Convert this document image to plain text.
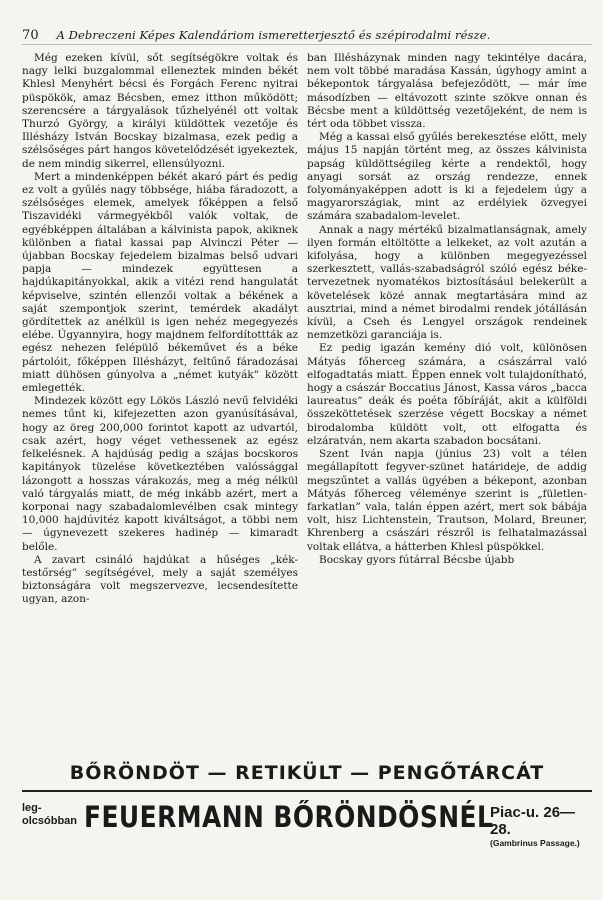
70 A Debreczeni Képes Kalendáriom ismeretterjesztő és szépirodalmi része.

Még ezeken kívül, sőt segítségökre voltak és nagy lelki buzgalommal elleneztek minden békét Khlesl Menyhért bécsi és Forgách Ferenc nyitrai püspökök, amaz Bécsben, emez itthon működött; szerencsére a tárgyalások tűzhelyénél ott voltak Thurzó György, a királyi küldöttek vezetője és Illésházy István Bocskay bizalmasa, ezek pedig a szélsőséges párt hangos követelődzését igyekeztek, de nem mindig sikerrel, ellensúlyozni.

Mert a mindenképpen békét akaró párt és pedig ez volt a gyűlés nagy többsége, hiába fáradozott, a szélsőséges elemek, amelyek főképpen a felső Tiszavidéki vármegyékből valók voltak, de egyébképpen általában a kálvinista papok, akiknek különben a fiatal kassai pap Alvinczi Péter — újabban Bocskay fejedelem bizalmas belső udvari papja — mindezek együttesen a hajdúkapitányokkal, akik a vitézi rend hangulatát képviselve, szintén ellenzői voltak a békének a saját szempontjok szerint, temérdek akadályt gördítettek az anélkül is igen nehéz megegyezés elébe. Úgyannyira, hogy majdnem felfordítottták az egész nehezen felépülő békeművet és a béke pártolóit, főképpen Illésházyt, feltűnő fáradozásai miatt dühösen gúnyolva a „német kutyák” között emlegették.

Mindezek között egy Lökös László nevű felvidéki nemes tűnt ki, kifejezetten azon gyanúsításával, hogy az öreg 200,000 forintot kapott az udvartól, csak azért, hogy véget vethessenek az egész felkelésnek. A hajdúság pedig a szájas bocskoros kapitányok tüzelése következtében valóssággal lázongott a hosszas várakozás, meg a még nélkül való tárgyalás miatt, de még inkább azért, mert a korponai nagy szabadalomlevélben csak mintegy 10,000 hajdúvitéz kapott kiváltságot, a többi nem — úgynevezett szekeres hadinép — kimaradt belőle.

A zavart csináló hajdúkat a hűséges „kék-testőrség” segítségével, mely a saját személyes biztonságára volt megszervezve, lecsendesítette ugyan, azon-

ban Illésházynak minden nagy tekintélye dacára, nem volt többé maradása Kassán, úgyhogy amint a békepontok tárgyalása befejeződött, — már íme másodízben — eltávozott szinte szökve onnan és Bécsbe ment a küldöttség vezetőjeként, de nem is tért oda többet vissza.

Még a kassai első gyűlés berekesztése előtt, mely május 15 napján történt meg, az összes kálvinista papság küldöttségileg kérte a rendektől, hogy anyagi sorsát az ország rendezze, ennek folyományaképpen adott is ki a fejedelem úgy a magyarországiak, mint az erdélyiek özvegyei számára szabadalom-levelet.

Annak a nagy mértékű bizalmatlanságnak, amely ilyen formán eltöltötte a lelkeket, az volt azután a kifolyása, hogy a különben megegyezéssel szerkesztett, vallás-szabadságról szóló egész béke-tervezetnek nyomatékos biztosításául belekerült a követelések közé annak megtartására mind az ausztriai, mind a német birodalmi rendek jótállásán kívül, a Cseh és Lengyel országok rendeinek nemzetközi garanciája is.

Ez pedig igazán kemény dió volt, különösen Mátyás főherceg számára, a császárral való elfogadtatás miatt. Éppen ennek volt tulajdonítható, hogy a császár Boccatius Jánost, Kassa város „bacca laureatus” deák és poéta főbíráját, akit a külföldi összeköttetések szerzése végett Bocskay a német birodalomba küldött volt, ott elfogatta és elzáratván, nem akarta szabadon bocsátani.

Szent Iván napja (június 23) volt a télen megállapított fegyver-szünet határideje, de addig megszűntet a vallás ügyében a békepont, azonban Mátyás főherceg véleménye szerint is „fületlen-farkatlan” vala, talán éppen azért, mert sok bábája volt, hisz Lichtenstein, Trautson, Molard, Breuner, Khrenberg a császári részről is felhatalmazással voltak ellátva, a hátterben Khlesl püspökkel.

Bocskay gyors fútárral Bécsbe újabb

BŐRÖNDÖT — RETIKÜLT — PENGŐTÁRCÁT
leg-
olcsóbban FEUERMANN BŐRÖNDÖSNÉL
Piac-u. 26—28.
(Gambrinus Passage.)
